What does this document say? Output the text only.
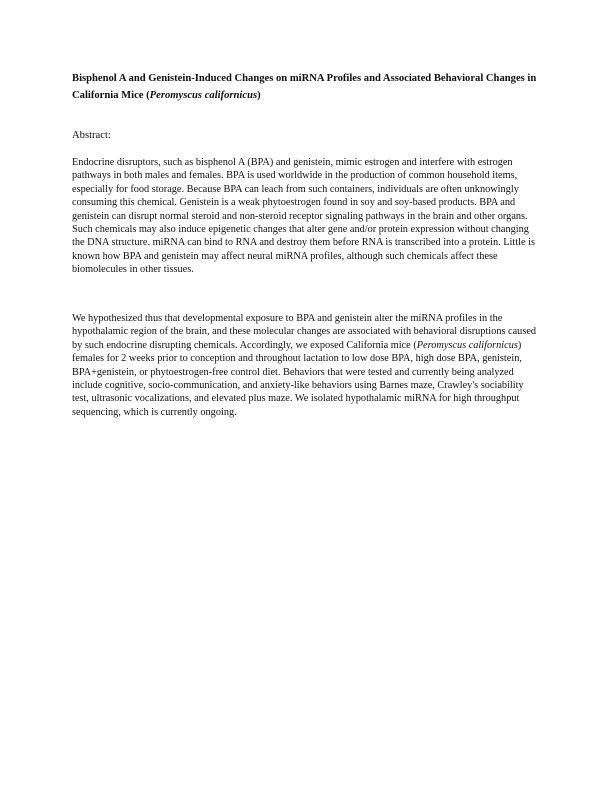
Bisphenol A and Genistein-Induced Changes on miRNA Profiles and Associated Behavioral Changes in California Mice (Peromyscus californicus)

Abstract:

Endocrine disruptors, such as bisphenol A (BPA) and genistein, mimic estrogen and interfere with estrogen pathways in both males and females. BPA is used worldwide in the production of common household items, especially for food storage. Because BPA can leach from such containers, individuals are often unknowingly consuming this chemical. Genistein is a weak phytoestrogen found in soy and soy-based products. BPA and genistein can disrupt normal steroid and non-steroid receptor signaling pathways in the brain and other organs. Such chemicals may also induce epigenetic changes that alter gene and/or protein expression without changing the DNA structure. miRNA can bind to RNA and destroy them before RNA is transcribed into a protein. Little is known how BPA and genistein may affect neural miRNA profiles, although such chemicals affect these biomolecules in other tissues.

We hypothesized thus that developmental exposure to BPA and genistein alter the miRNA profiles in the hypothalamic region of the brain, and these molecular changes are associated with behavioral disruptions caused by such endocrine disrupting chemicals. Accordingly, we exposed California mice (Peromyscus californicus) females for 2 weeks prior to conception and throughout lactation to low dose BPA, high dose BPA, genistein, BPA+genistein, or phytoestrogen-free control diet. Behaviors that were tested and currently being analyzed include cognitive, socio-communication, and anxiety-like behaviors using Barnes maze, Crawley's sociability test, ultrasonic vocalizations, and elevated plus maze. We isolated hypothalamic miRNA for high throughput sequencing, which is currently ongoing.
